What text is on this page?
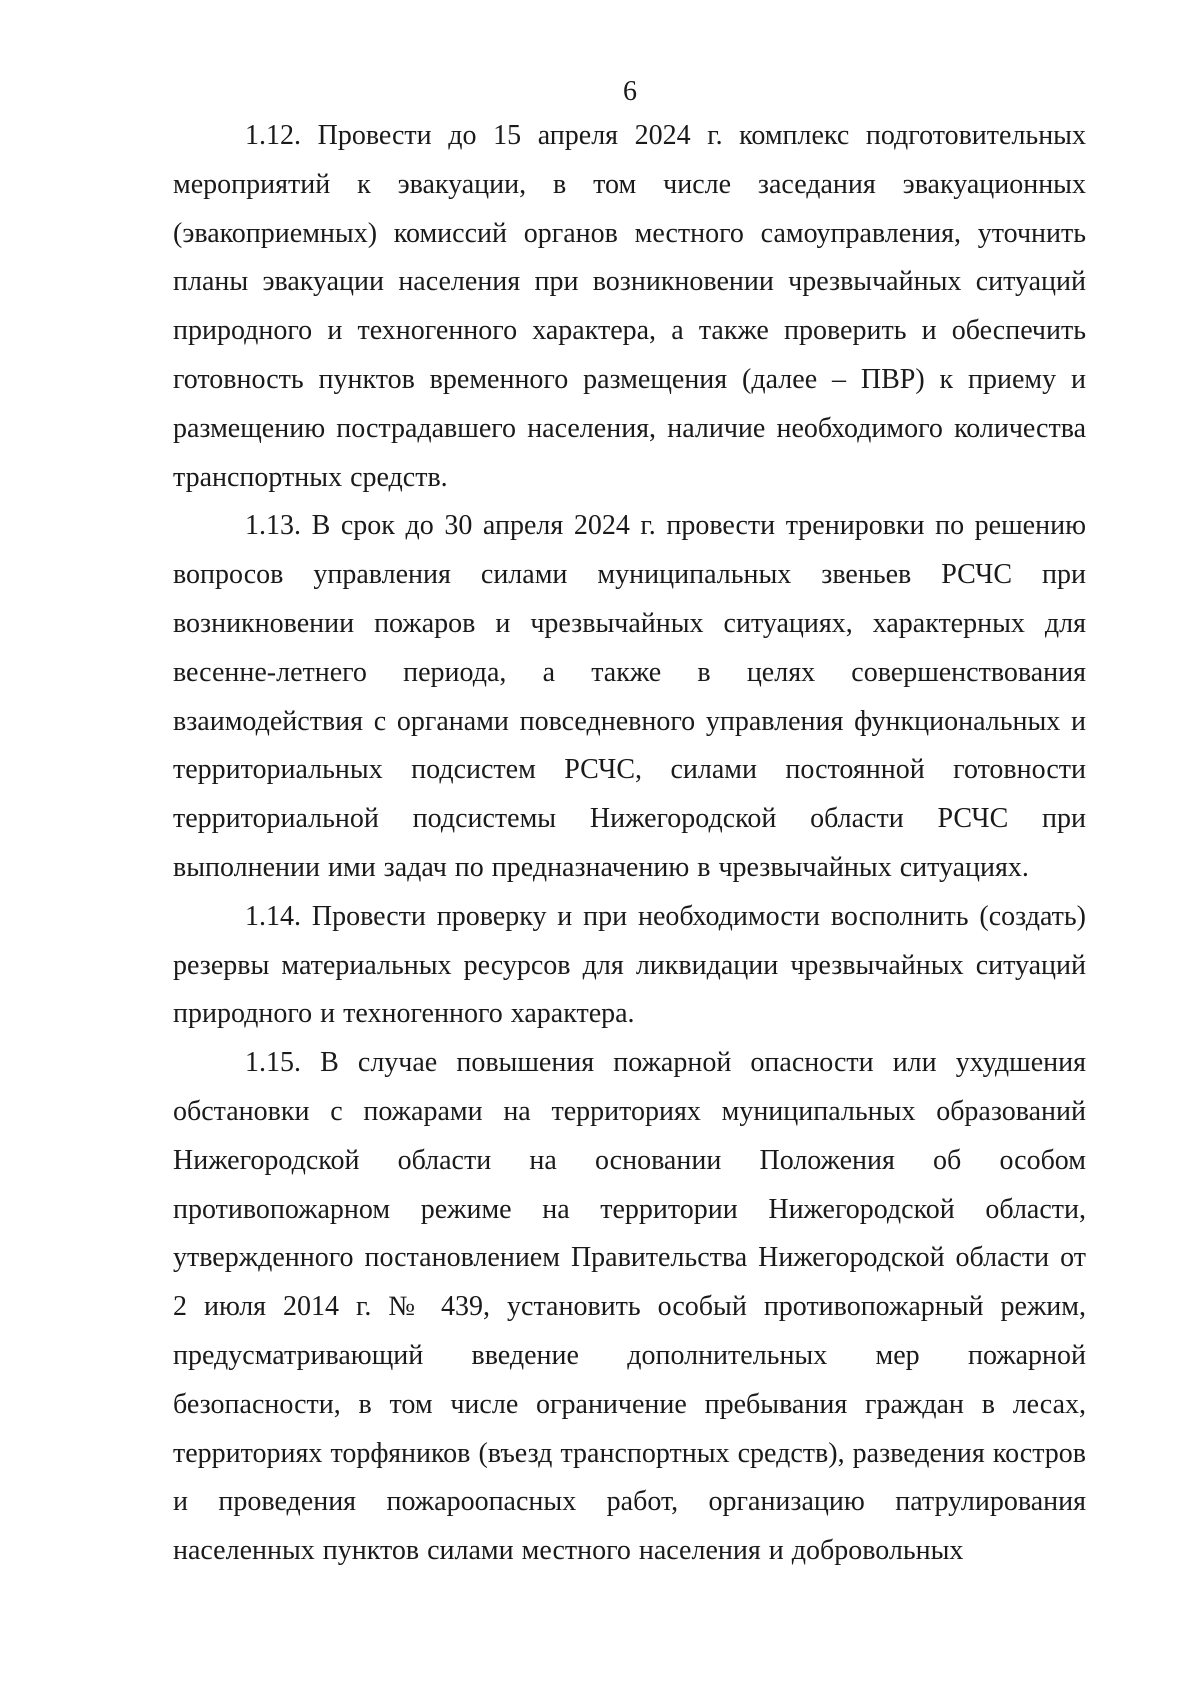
6

1.12. Провести до 15 апреля 2024 г. комплекс подготовительных мероприятий к эвакуации, в том числе заседания эвакуационных (эвакоприемных) комиссий органов местного самоуправления, уточнить планы эвакуации населения при возникновении чрезвычайных ситуаций природного и техногенного характера, а также проверить и обеспечить готовность пунктов временного размещения (далее – ПВР) к приему и размещению пострадавшего населения, наличие необходимого количества транспортных средств.

1.13. В срок до 30 апреля 2024 г. провести тренировки по решению вопросов управления силами муниципальных звеньев РСЧС при возникновении пожаров и чрезвычайных ситуациях, характерных для весенне-летнего периода, а также в целях совершенствования взаимодействия с органами повседневного управления функциональных и территориальных подсистем РСЧС, силами постоянной готовности территориальной подсистемы Нижегородской области РСЧС при выполнении ими задач по предназначению в чрезвычайных ситуациях.

1.14. Провести проверку и при необходимости восполнить (создать) резервы материальных ресурсов для ликвидации чрезвычайных ситуаций природного и техногенного характера.

1.15. В случае повышения пожарной опасности или ухудшения обстановки с пожарами на территориях муниципальных образований Нижегородской области на основании Положения об особом противопожарном режиме на территории Нижегородской области, утвержденного постановлением Правительства Нижегородской области от 2 июля 2014 г. № 439, установить особый противопожарный режим, предусматривающий введение дополнительных мер пожарной безопасности, в том числе ограничение пребывания граждан в лесах, территориях торфяников (въезд транспортных средств), разведения костров и проведения пожароопасных работ, организацию патрулирования населенных пунктов силами местного населения и добровольных
